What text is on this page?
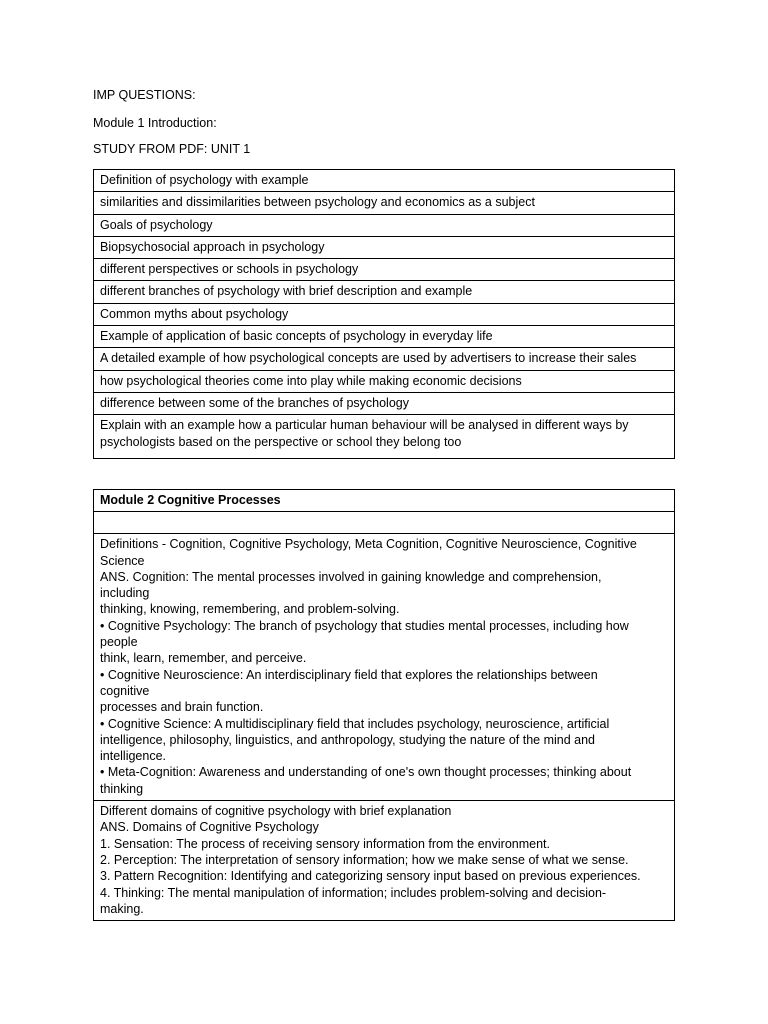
IMP QUESTIONS:
Module 1 Introduction:
STUDY FROM PDF: UNIT 1
Definition of psychology with example
similarities and dissimilarities between psychology and economics as a subject
Goals of psychology
Biopsychosocial approach in psychology
different perspectives or schools in psychology
different branches of psychology with brief description and example
Common myths about psychology
Example of application of basic concepts of psychology in everyday life
A detailed example of how psychological concepts are used by advertisers to increase their sales
how psychological theories come into play while making economic decisions
difference between some of the branches of psychology
Explain with an example how a particular human behaviour will be analysed in different ways by psychologists based on the perspective or school they belong too
Module 2 Cognitive Processes

Definitions - Cognition, Cognitive Psychology, Meta Cognition, Cognitive Neuroscience, Cognitive
Science
ANS. Cognition: The mental processes involved in gaining knowledge and comprehension,
including
thinking, knowing, remembering, and problem-solving.
• Cognitive Psychology: The branch of psychology that studies mental processes, including how
people
think, learn, remember, and perceive.
• Cognitive Neuroscience: An interdisciplinary field that explores the relationships between
cognitive
processes and brain function.
• Cognitive Science: A multidisciplinary field that includes psychology, neuroscience, artificial
intelligence, philosophy, linguistics, and anthropology, studying the nature of the mind and
intelligence.
• Meta-Cognition: Awareness and understanding of one's own thought processes; thinking about
thinking

Different domains of cognitive psychology with brief explanation
ANS. Domains of Cognitive Psychology
1. Sensation: The process of receiving sensory information from the environment.
2. Perception: The interpretation of sensory information; how we make sense of what we sense.
3. Pattern Recognition: Identifying and categorizing sensory input based on previous experiences.
4. Thinking: The mental manipulation of information; includes problem-solving and decision-
making.
